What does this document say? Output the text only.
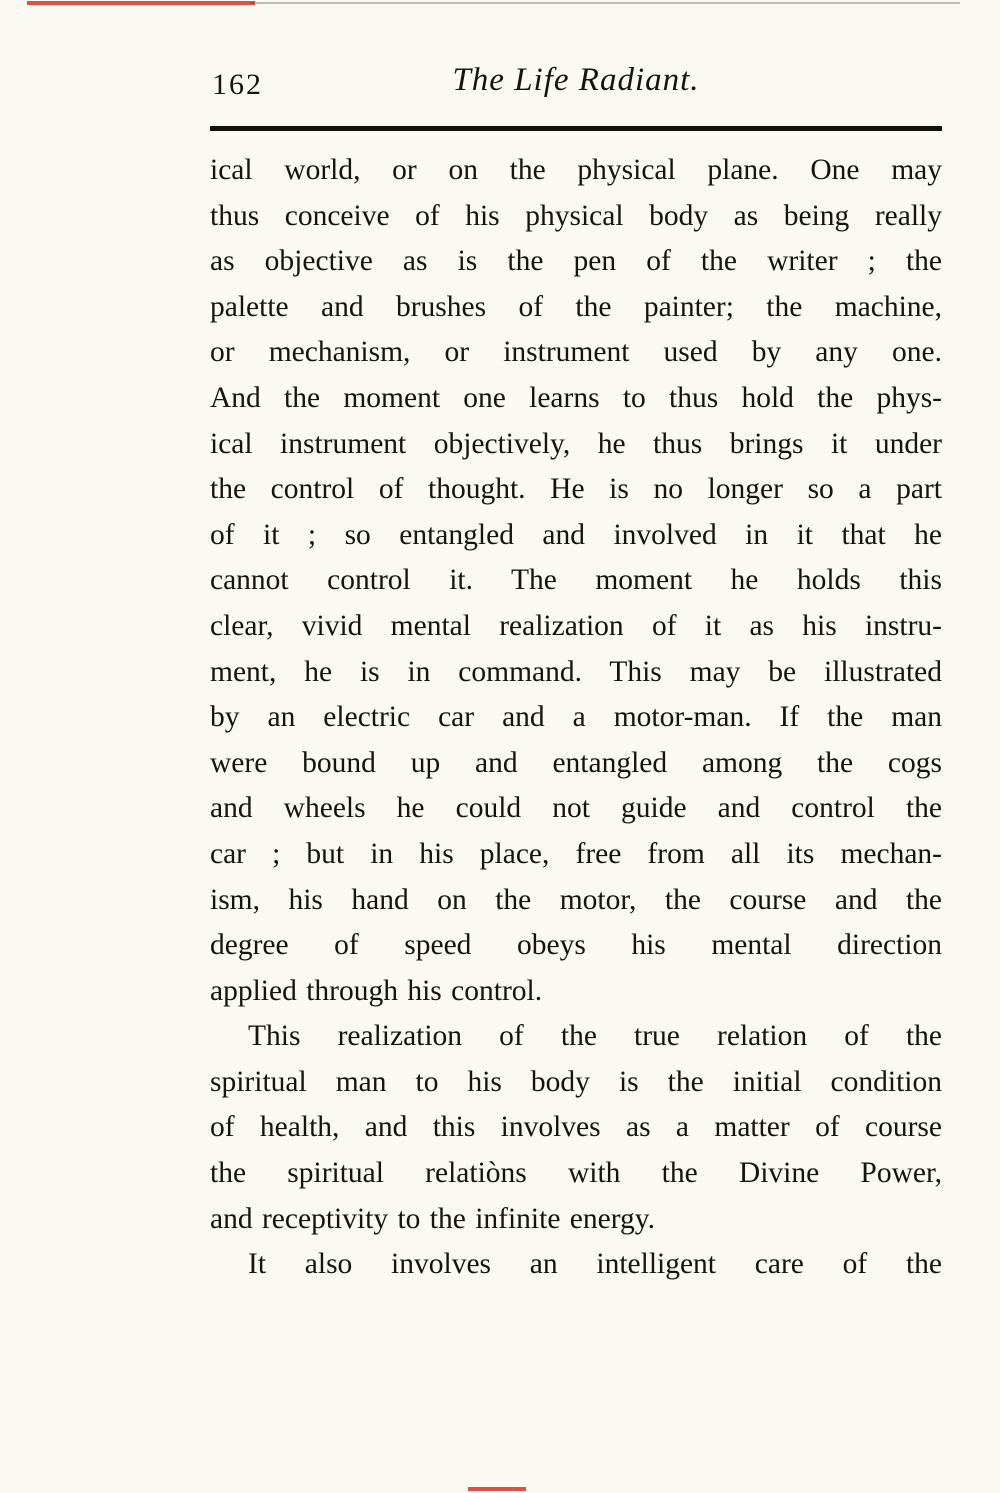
162	The Life Radiant.
ical world, or on the physical plane. One may
thus conceive of his physical body as being really
as objective as is the pen of the writer ; the
palette and brushes of the painter; the machine,
or mechanism, or instrument used by any one.
And the moment one learns to thus hold the phys-
ical instrument objectively, he thus brings it under
the control of thought. He is no longer so a part
of it ; so entangled and involved in it that he
cannot control it. The moment he holds this
clear, vivid mental realization of it as his instru-
ment, he is in command. This may be illustrated
by an electric car and a motor-man. If the man
were bound up and entangled among the cogs
and wheels he could not guide and control the
car ; but in his place, free from all its mechan-
ism, his hand on the motor, the course and the
degree of speed obeys his mental direction
applied through his control.
This realization of the true relation of the
spiritual man to his body is the initial condition
of health, and this involves as a matter of course
the spiritual relatiòns with the Divine Power,
and receptivity to the infinite energy.
It also involves an intelligent care of the
